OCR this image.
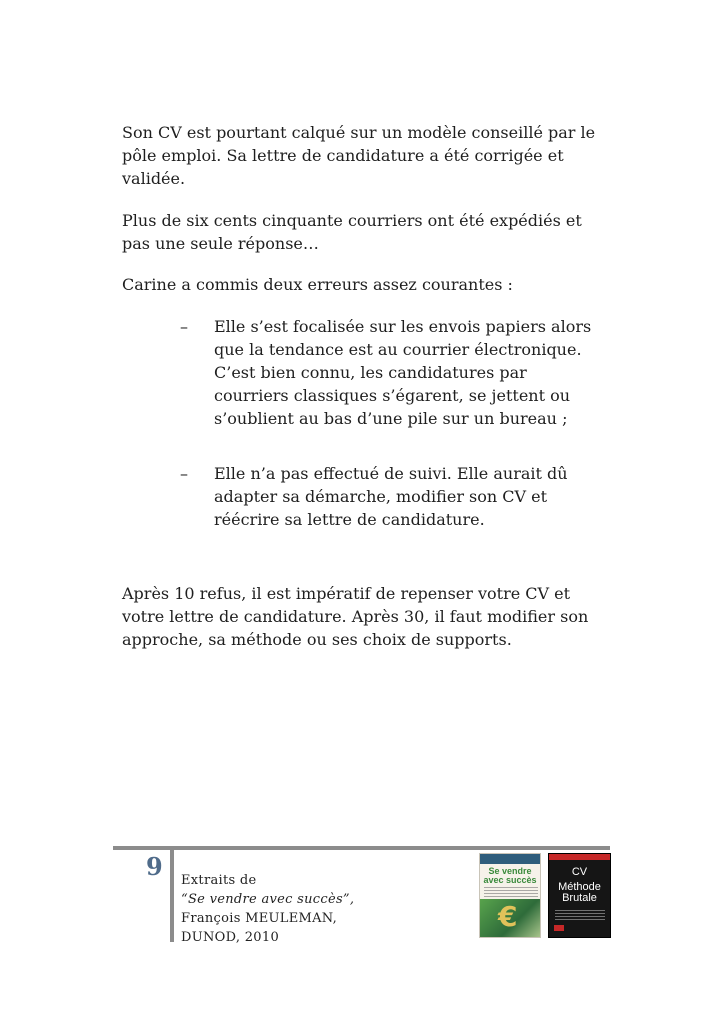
Son CV est pourtant calqué sur un modèle conseillé par le pôle emploi. Sa lettre de candidature a été corrigée et validée.

Plus de six cents cinquante courriers ont été expédiés et pas une seule réponse…

Carine a commis deux erreurs assez courantes :

– Elle s’est focalisée sur les envois papiers alors que la tendance est au courrier électronique. C’est bien connu, les candidatures par courriers classiques s’égarent, se jettent ou s’oublient au bas d’une pile sur un bureau ;
– Elle n’a pas effectué de suivi. Elle aurait dû adapter sa démarche, modifier son CV et réécrire sa lettre de candidature.

Après 10 refus, il est impératif de repenser votre CV et votre lettre de candidature. Après 30, il faut modifier son approche, sa méthode ou ses choix de supports.

9 Extraits de
“Se vendre avec succès”,
François MEULEMAN,
DUNOD, 2010
Se vendre avec succès
€
CV
Méthode Brutale
